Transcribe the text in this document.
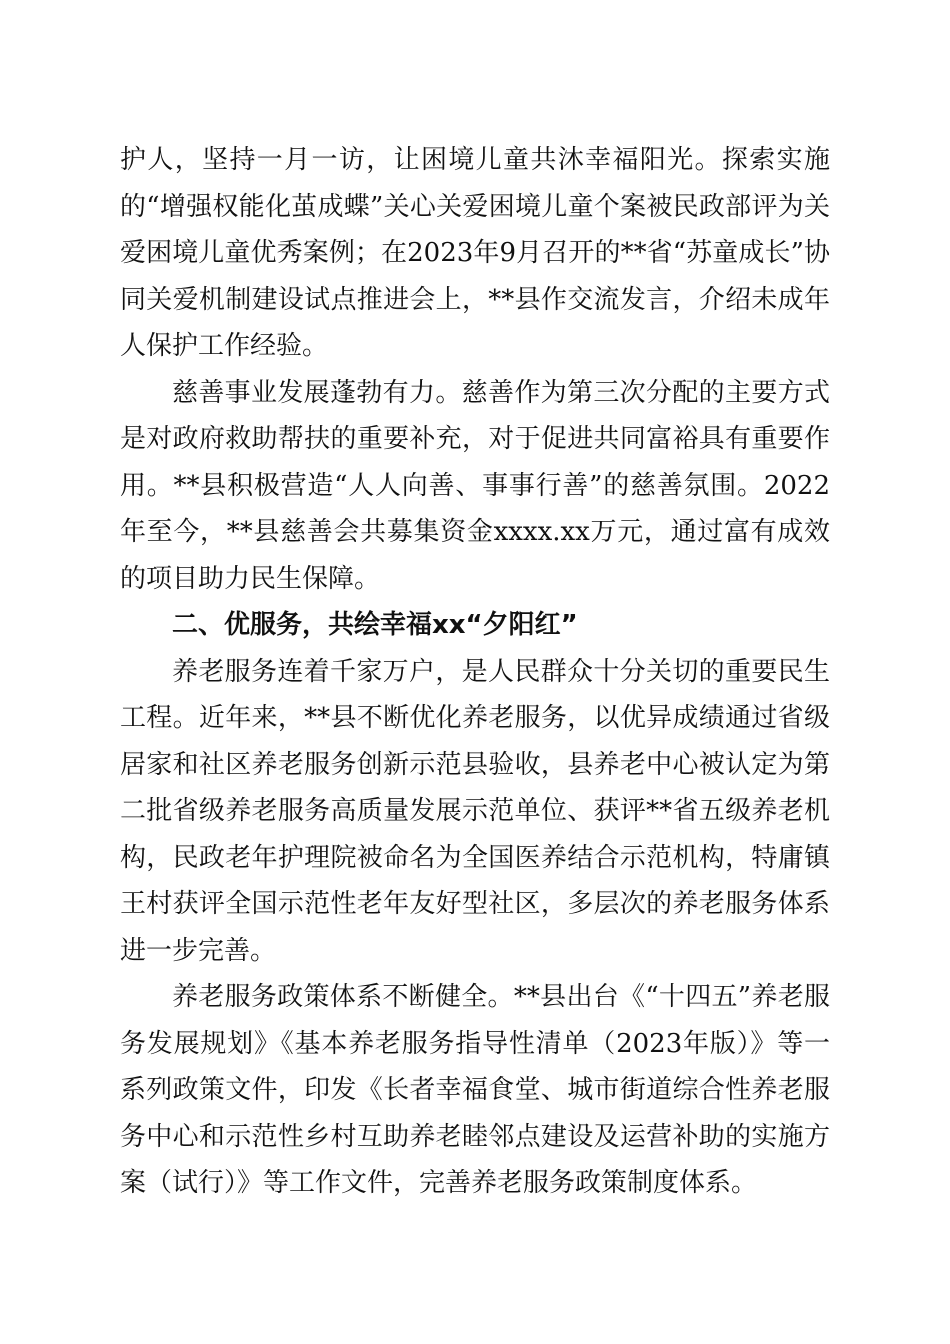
护人，坚持一月一访，让困境儿童共沐幸福阳光。探索实施的“增强权能化茧成蝶”关心关爱困境儿童个案被民政部评为关爱困境儿童优秀案例；在2023年9月召开的**省“苏童成长”协同关爱机制建设试点推进会上，**县作交流发言，介绍未成年人保护工作经验。

慈善事业发展蓬勃有力。慈善作为第三次分配的主要方式是对政府救助帮扶的重要补充，对于促进共同富裕具有重要作用。**县积极营造“人人向善、事事行善”的慈善氛围。2022年至今，**县慈善会共募集资金xxxx.xx万元，通过富有成效的项目助力民生保障。

二、优服务，共绘幸福xx“夕阳红”

养老服务连着千家万户，是人民群众十分关切的重要民生工程。近年来，**县不断优化养老服务，以优异成绩通过省级居家和社区养老服务创新示范县验收，县养老中心被认定为第二批省级养老服务高质量发展示范单位、获评**省五级养老机构，民政老年护理院被命名为全国医养结合示范机构，特庸镇王村获评全国示范性老年友好型社区，多层次的养老服务体系进一步完善。

养老服务政策体系不断健全。**县出台《“十四五”养老服务发展规划》《基本养老服务指导性清单（2023年版）》等一系列政策文件，印发《长者幸福食堂、城市街道综合性养老服务中心和示范性乡村互助养老睦邻点建设及运营补助的实施方案（试行）》等工作文件，完善养老服务政策制度体系。
